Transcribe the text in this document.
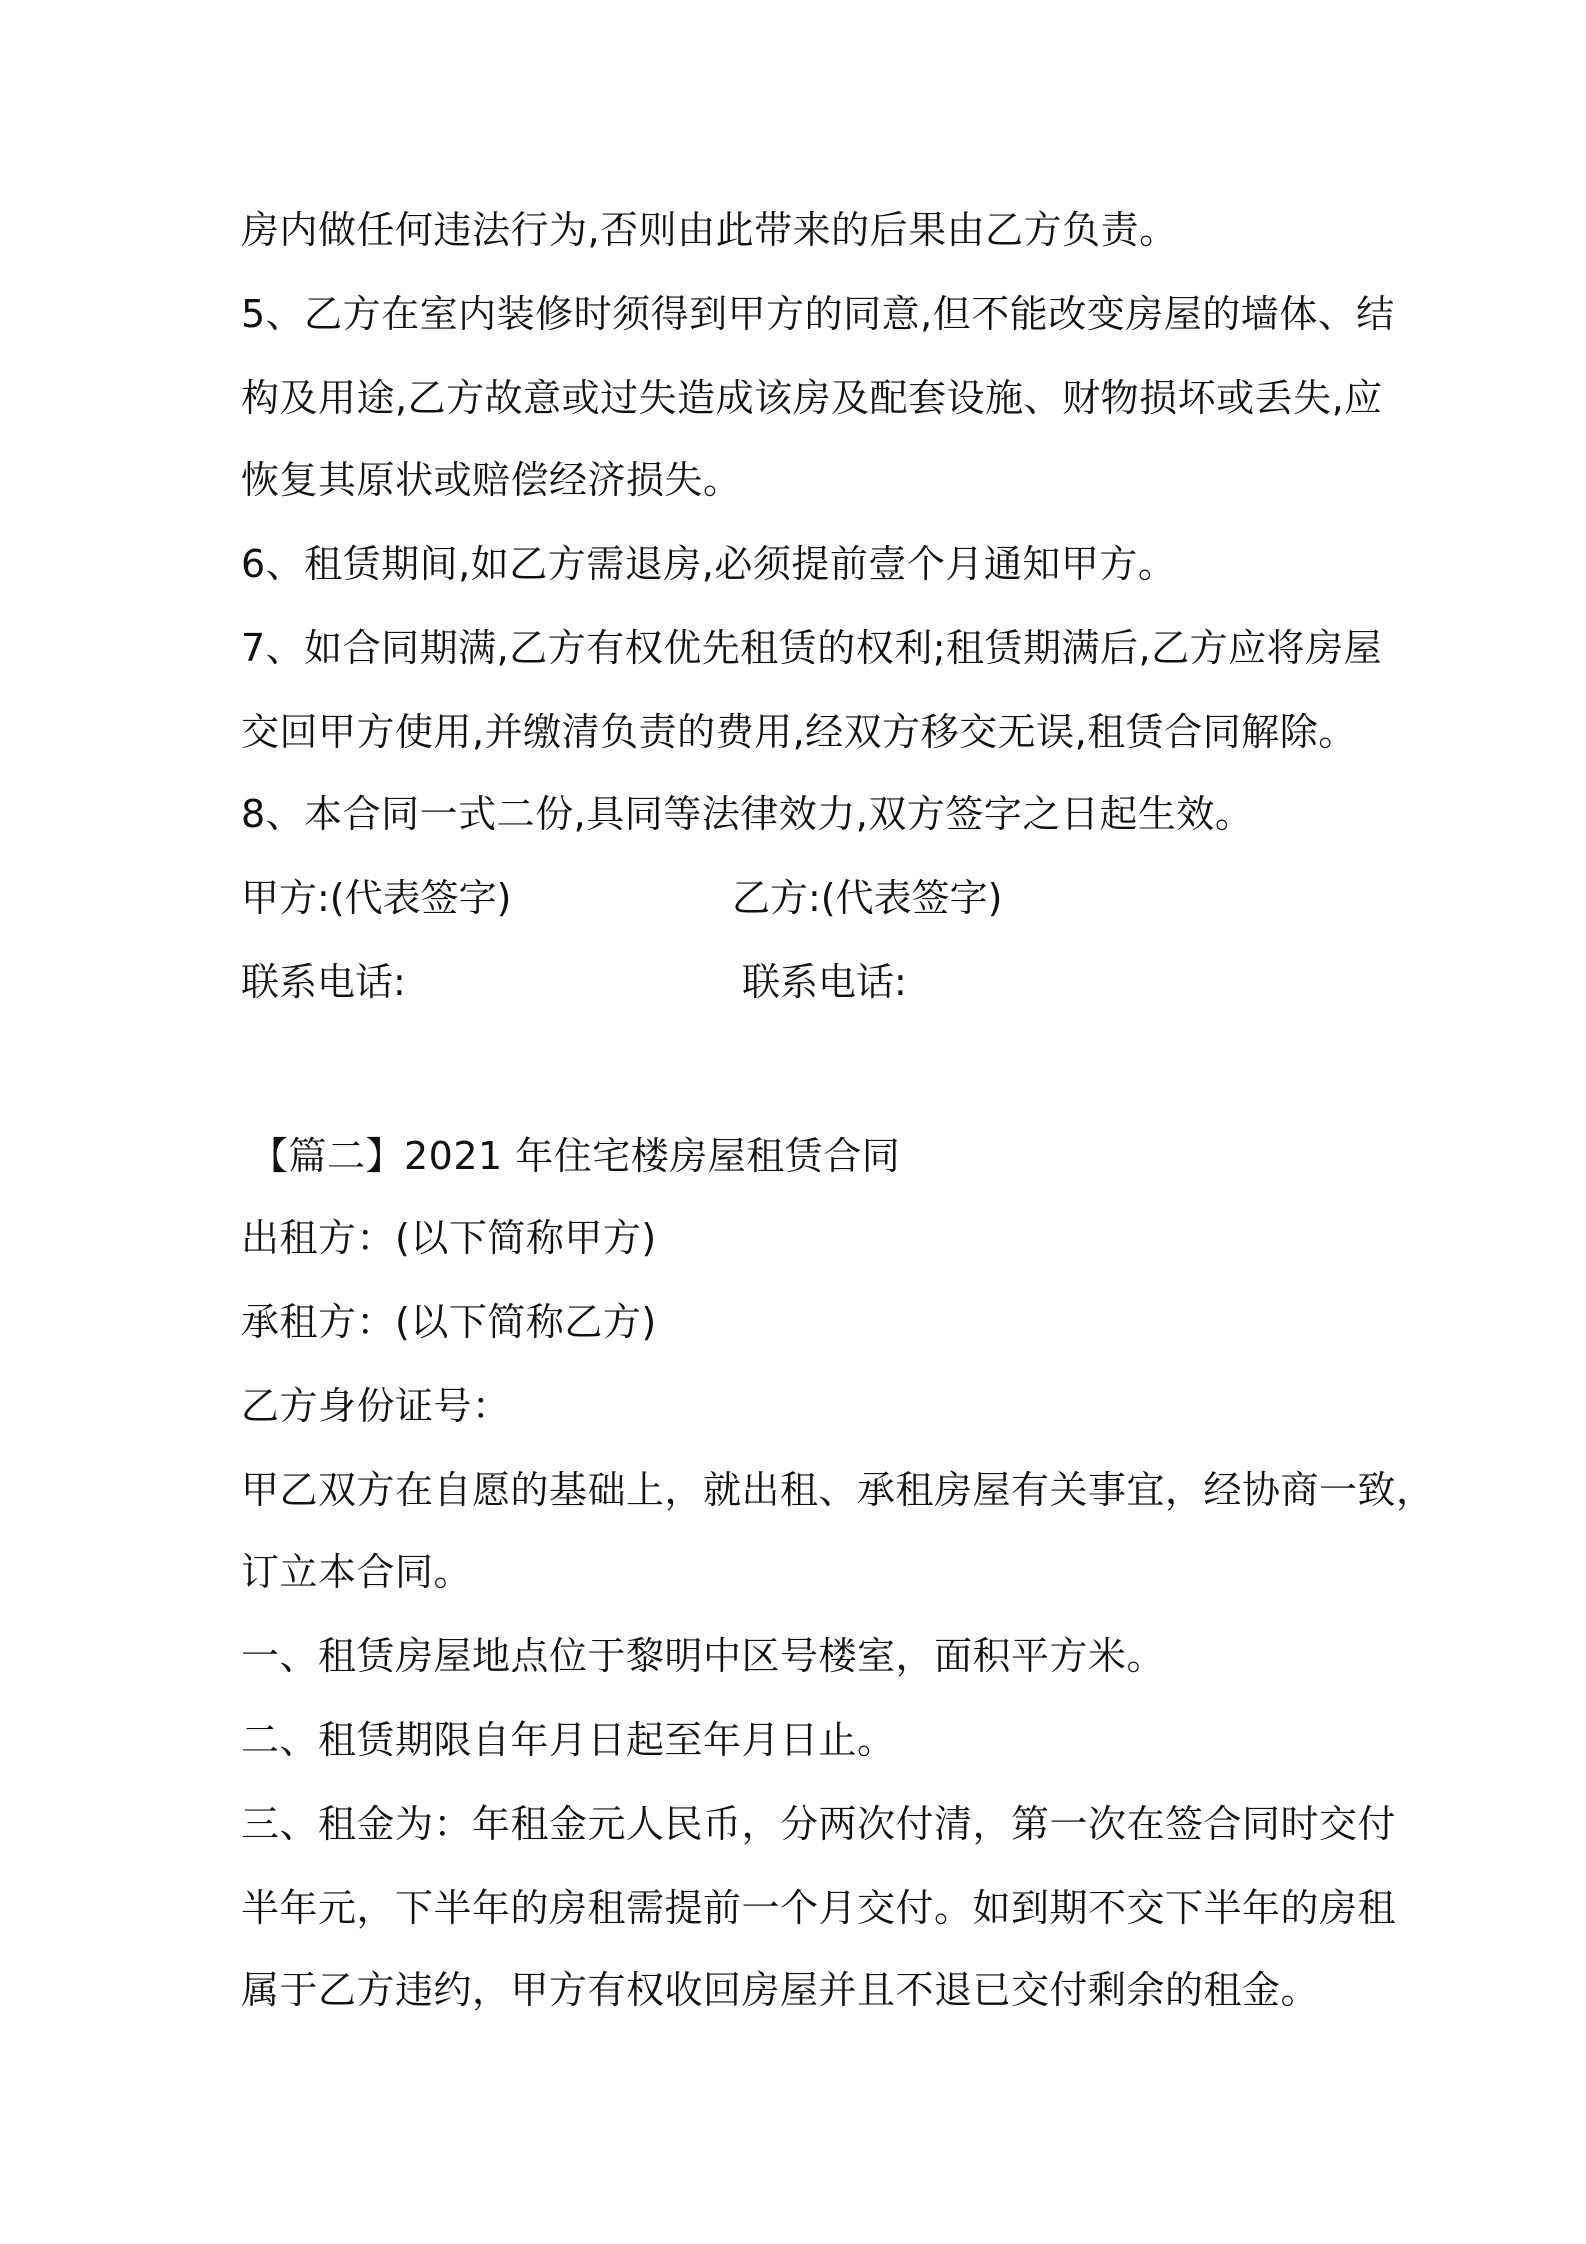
房内做任何违法行为,否则由此带来的后果由乙方负责。
5、乙方在室内装修时须得到甲方的同意,但不能改变房屋的墙体、结
构及用途,乙方故意或过失造成该房及配套设施、财物损坏或丢失,应
恢复其原状或赔偿经济损失。
6、租赁期间,如乙方需退房,必须提前壹个月通知甲方。
7、如合同期满,乙方有权优先租赁的权利;租赁期满后,乙方应将房屋
交回甲方使用,并缴清负责的费用,经双方移交无误,租赁合同解除。
8、本合同一式二份,具同等法律效力,双方签字之日起生效。
甲方:(代表签字)	乙方:(代表签字)
联系电话:	联系电话:
【篇二】2021 年住宅楼房屋租赁合同
出租方：(以下简称甲方)
承租方：(以下简称乙方)
乙方身份证号：
甲乙双方在自愿的基础上，就出租、承租房屋有关事宜，经协商一致，
订立本合同。
一、租赁房屋地点位于黎明中区号楼室，面积平方米。
二、租赁期限自年月日起至年月日止。
三、租金为：年租金元人民币，分两次付清，第一次在签合同时交付
半年元，下半年的房租需提前一个月交付。如到期不交下半年的房租
属于乙方违约，甲方有权收回房屋并且不退已交付剩余的租金。
